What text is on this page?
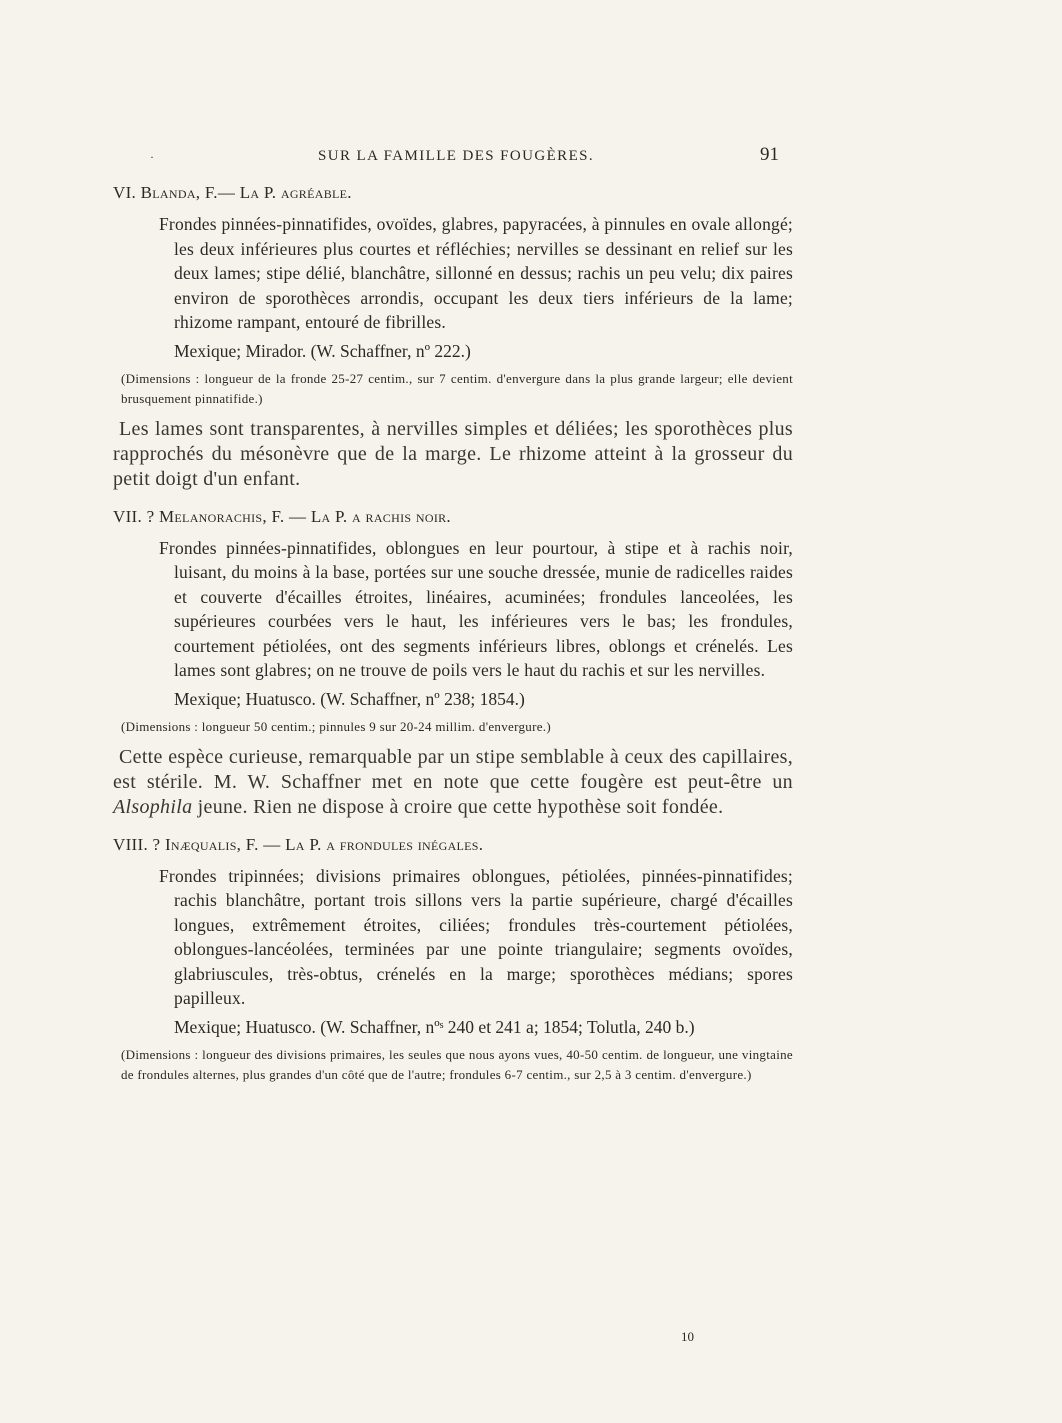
·	SUR LA FAMILLE DES FOUGÈRES.	91

VI. Blanda, F.— La P. agréable.

Frondes pinnées-pinnatifides, ovoïdes, glabres, papyracées, à pinnules en ovale allongé; les deux inférieures plus courtes et réfléchies; nervilles se dessinant en relief sur les deux lames; stipe délié, blanchâtre, sillonné en dessus; rachis un peu velu; dix paires environ de sporothèces arrondis, occupant les deux tiers inférieurs de la lame; rhizome rampant, entouré de fibrilles.

Mexique; Mirador. (W. Schaffner, nº 222.)

(Dimensions : longueur de la fronde 25-27 centim., sur 7 centim. d'envergure dans la plus grande largeur; elle devient brusquement pinnatifide.)

Les lames sont transparentes, à nervilles simples et déliées; les sporothèces plus rapprochés du mésonèvre que de la marge. Le rhizome atteint à la grosseur du petit doigt d'un enfant.

VII. ? Melanorachis, F. — La P. a rachis noir.

Frondes pinnées-pinnatifides, oblongues en leur pourtour, à stipe et à rachis noir, luisant, du moins à la base, portées sur une souche dressée, munie de radicelles raides et couverte d'écailles étroites, linéaires, acuminées; frondules lanceolées, les supérieures courbées vers le haut, les inférieures vers le bas; les frondules, courtement pétiolées, ont des segments inférieurs libres, oblongs et crénelés. Les lames sont glabres; on ne trouve de poils vers le haut du rachis et sur les nervilles.

Mexique; Huatusco. (W. Schaffner, nº 238; 1854.)

(Dimensions : longueur 50 centim.; pinnules 9 sur 20-24 millim. d'envergure.)

Cette espèce curieuse, remarquable par un stipe semblable à ceux des capillaires, est stérile. M. W. Schaffner met en note que cette fougère est peut-être un Alsophila jeune. Rien ne dispose à croire que cette hypothèse soit fondée.

VIII. ? Inæqualis, F. — La P. a frondules inégales.

Frondes tripinnées; divisions primaires oblongues, pétiolées, pinnées-pinnatifides; rachis blanchâtre, portant trois sillons vers la partie supérieure, chargé d'écailles longues, extrêmement étroites, ciliées; frondules très-courtement pétiolées, oblongues-lancéolées, terminées par une pointe triangulaire; segments ovoïdes, glabriuscules, très-obtus, crénelés en la marge; sporothèces médians; spores papilleux.

Mexique; Huatusco. (W. Schaffner, nºˢ 240 et 241 a; 1854; Tolutla, 240 b.)

(Dimensions : longueur des divisions primaires, les seules que nous ayons vues, 40-50 centim. de longueur, une vingtaine de frondules alternes, plus grandes d'un côté que de l'autre; frondules 6-7 centim., sur 2,5 à 3 centim. d'envergure.)

10
